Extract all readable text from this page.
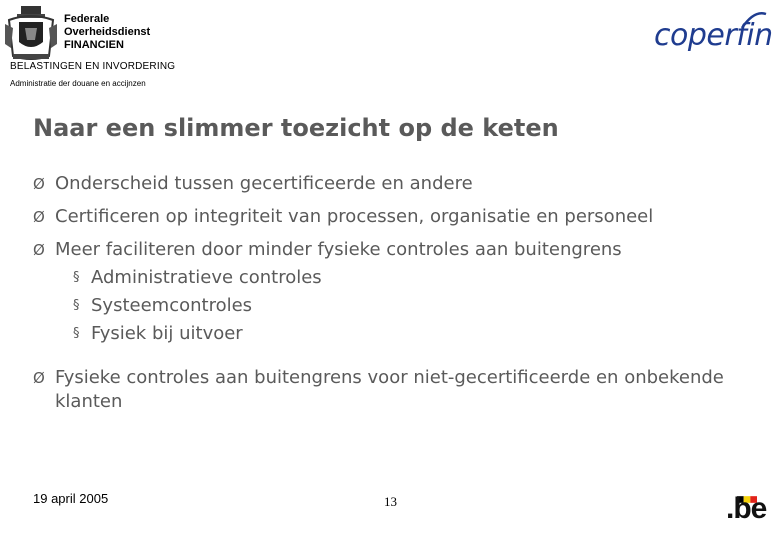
Federale
Overheidsdienst
FINANCIEN
BELASTINGEN EN INVORDERING
Administratie der douane en accijnzen
coperfin
Naar een slimmer toezicht op de keten
Ø Onderscheid tussen gecertificeerde en andere
Ø Certificeren op integriteit van processen, organisatie en personeel
Ø Meer faciliteren door minder fysieke controles aan buitengrens
§ Administratieve controles
§ Systeemcontroles
§ Fysiek bij uitvoer
Ø Fysieke controles aan buitengrens voor niet-gecertificeerde en onbekende klanten
19 april 2005	13	.be
